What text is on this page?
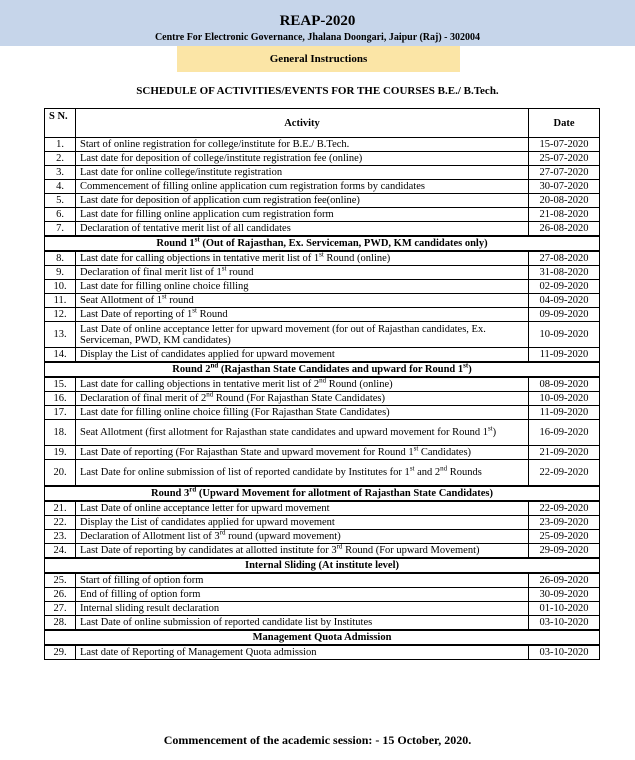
REAP-2020
Centre For Electronic Governance, Jhalana Doongari, Jaipur (Raj) - 302004
General Instructions
SCHEDULE OF ACTIVITIES/EVENTS FOR THE COURSES B.E./ B.Tech.
S N.	Activity	Date
1.	Start of online registration for college/institute for B.E./ B.Tech.	15-07-2020
2.	Last date for deposition of college/institute registration fee (online)	25-07-2020
3.	Last date for online college/institute registration	27-07-2020
4.	Commencement of filling online application cum registration forms by candidates	30-07-2020
5.	Last date for deposition of application cum registration fee(online)	20-08-2020
6.	Last date for filling online application cum registration form	21-08-2020
7.	Declaration of tentative merit list of all candidates	26-08-2020
Round 1st (Out of Rajasthan, Ex. Serviceman, PWD, KM candidates only)		
8.	Last date for calling objections in tentative merit list of 1st Round (online)	27-08-2020
9.	Declaration of final merit list of 1st round	31-08-2020
10.	Last date for filling online choice filling	02-09-2020
11.	Seat Allotment of 1st round	04-09-2020
12.	Last Date of reporting of 1st Round	09-09-2020
13.	Last Date of online acceptance letter for upward movement (for out of Rajasthan candidates, Ex. Serviceman, PWD, KM candidates)	10-09-2020
14.	Display the List of candidates applied for upward movement	11-09-2020
Round 2nd (Rajasthan State Candidates and upward for Round 1st)		
15.	Last date for calling objections in tentative merit list of 2nd Round (online)	08-09-2020
16.	Declaration of final merit of 2nd Round (For Rajasthan State Candidates)	10-09-2020
17.	Last date for filling online choice filling (For Rajasthan State Candidates)	11-09-2020
18.	Seat Allotment (first allotment for Rajasthan state candidates and upward movement for Round 1st)	16-09-2020
19.	Last Date of reporting (For Rajasthan State and upward movement for Round 1st Candidates)	21-09-2020
20.	Last Date for online submission of list of reported candidate by Institutes for 1st and 2nd Rounds	22-09-2020
Round 3rd (Upward Movement for allotment of Rajasthan State Candidates)		
21.	Last Date of online acceptance letter for upward movement	22-09-2020
22.	Display the List of candidates applied for upward movement	23-09-2020
23.	Declaration of Allotment list of 3rd round (upward movement)	25-09-2020
24.	Last Date of reporting by candidates at allotted institute for 3rd Round (For upward Movement)	29-09-2020
Internal Sliding (At institute level)		
25.	Start of filling of option form	26-09-2020
26.	End of filling of option form	30-09-2020
27.	Internal sliding result declaration	01-10-2020
28.	Last Date of online submission of reported candidate list by Institutes	03-10-2020
Management Quota Admission		
29.	Last date of Reporting of Management Quota admission	03-10-2020
Commencement of the academic session: - 15 October, 2020.
